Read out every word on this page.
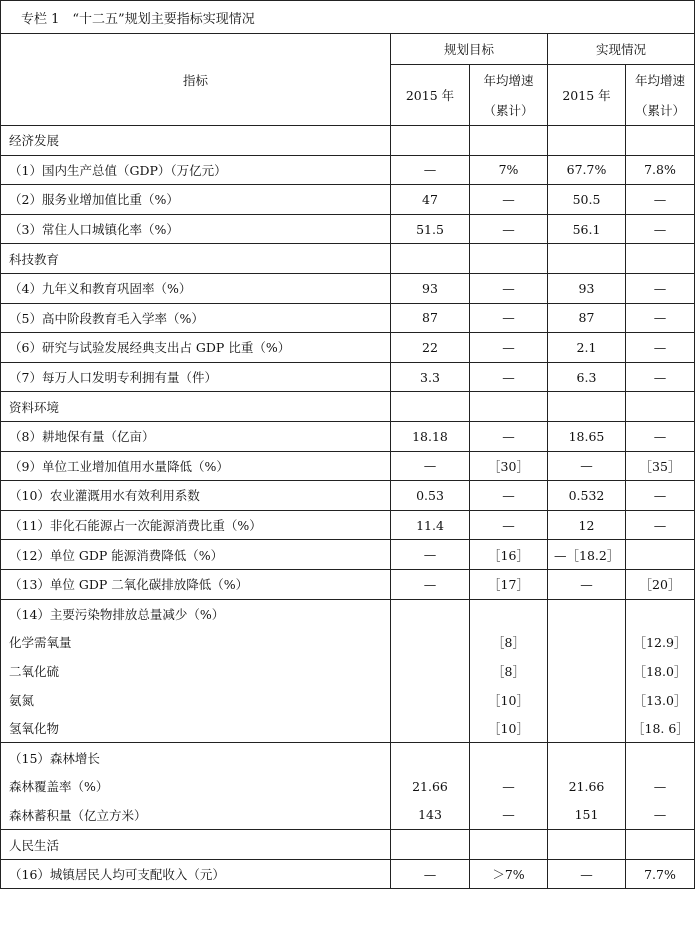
专栏 1　“十二五”规划主要指标实现情况				
指标	规划目标		实现情况	
	2015 年	年均增速	2015 年	年均增速
		（累计）		（累计）
经济发展				
（1）国内生产总值（GDP）（万亿元）	—	7%	67.7%	7.8%
（2）服务业增加值比重（%）	47	—	50.5	—
（3）常住人口城镇化率（%）	51.5	—	56.1	—
科技教育				
（4）九年义和教育巩固率（%）	93	—	93	—
（5）高中阶段教育毛入学率（%）	87	—	87	—
（6）研究与试验发展经典支出占 GDP 比重（%）	22	—	2.1	—
（7）每万人口发明专利拥有量（件）	3.3	—	6.3	—
资料环境				
（8）耕地保有量（亿亩）	18.18	—	18.65	—
（9）单位工业增加值用水量降低（%）	—	［30］	—	［35］
（10）农业灌溉用水有效利用系数	0.53	—	0.532	—
（11）非化石能源占一次能源消费比重（%）	11.4	—	12	—
（12）单位 GDP 能源消费降低（%）	—	［16］	—［18.2］	
（13）单位 GDP 二氧化碳排放降低（%）	—	［17］	—	［20］
（14）主要污染物排放总量减少（%）				
化学需氧量		［8］		［12.9］
二氧化硫		［8］		［18.0］
氨氮		［10］		［13.0］
氢氧化物		［10］		［18. 6］
（15）森林增长				
森林覆盖率（%）	21.66	—	21.66	—
森林蓄积量（亿立方米）	143	—	151	—
人民生活				
（16）城镇居民人均可支配收入（元）	—	＞7%	—	7.7%
